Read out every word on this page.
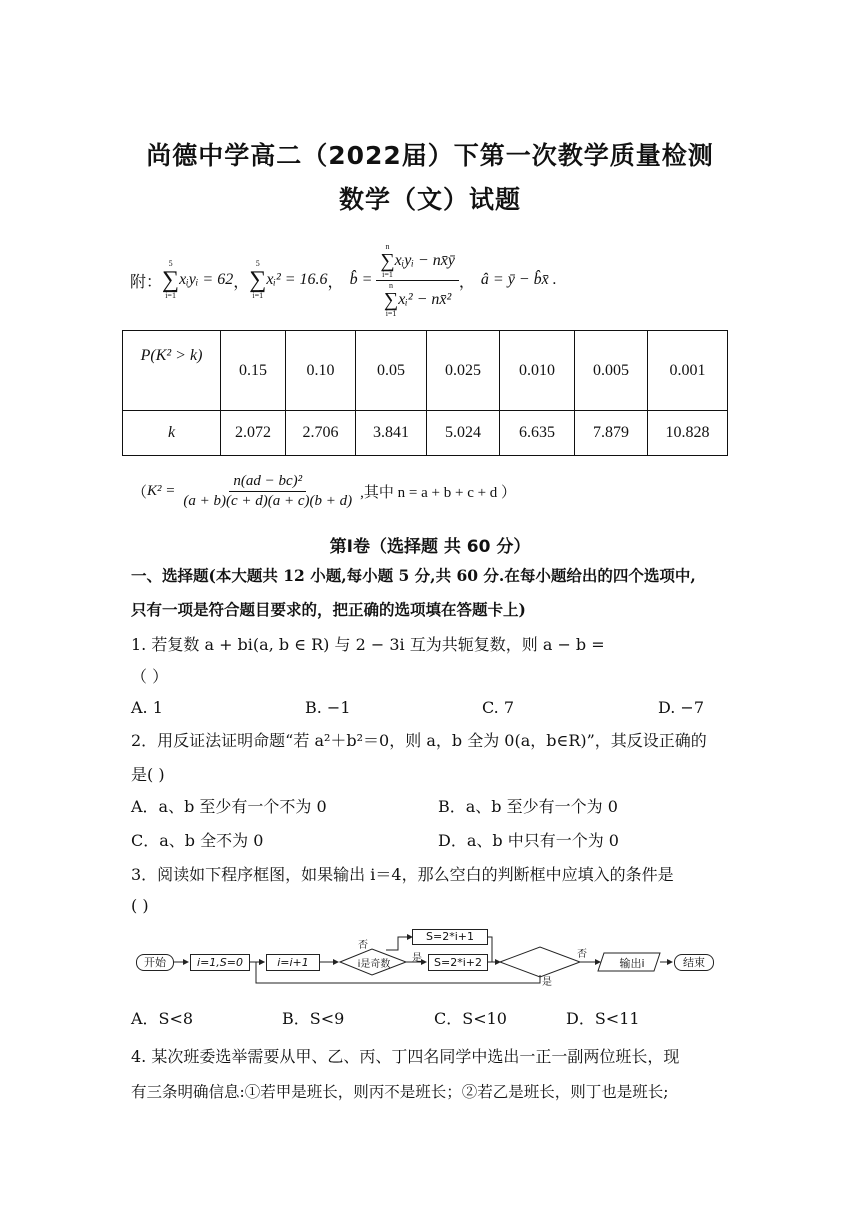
尚德中学高二（2022届）下第一次教学质量检测
数学（文）试题
附：
5
∑
i=1
xᵢyᵢ = 62 ，
5
∑
i=1
xᵢ² = 16.6 ， b̂ = n
∑
i=1
xᵢyᵢ − nx̄ȳ
n
∑
i=1
xᵢ² − nx̄² ， â = ȳ − b̂x̄ .
P(K² > k)	0.15	0.10	0.05	0.025	0.010	0.005	0.001
k	2.072	2.706	3.841	5.024	6.635	7.879	10.828
（ $K^2 = \frac{\text{n(ad − bc)²}}{(a + b)(c + d)(a + c)(b + d)}$ ,其中 n = a + b + c + d ）
第Ⅰ卷（选择题 共 60 分）
一、选择题(本大题共 12 小题,每小题 5 分,共 60 分.在每小题给出的四个选项中,
只有一项是符合题目要求的，把正确的选项填在答题卡上)
1. 若复数 a + bi(a, b ∈ R) 与 2 − 3i 互为共轭复数，则 a − b =
（ ）
A. 1	B. −1	C. 7	D. −7
2．用反证法证明命题“若 a²＋b²＝0，则 a，b 全为 0(a，b∈R)”，其反设正确的
是( )
A．a、b 至少有一个不为 0	B．a、b 至少有一个为 0
C．a、b 全不为 0	D．a、b 中只有一个为 0
3．阅读如下程序框图，如果输出 i＝4，那么空白的判断框中应填入的条件是
( )
开始	i=1,S=0	i=i+1	i是奇数
否
是
S=2*i+1
S=2*i+2
否
是
输出i	结束
A．S<8	B．S<9	C．S<10	D．S<11
4. 某次班委选举需要从甲、乙、丙、丁四名同学中选出一正一副两位班长，现
有三条明确信息:①若甲是班长，则丙不是班长；②若乙是班长，则丁也是班长;
